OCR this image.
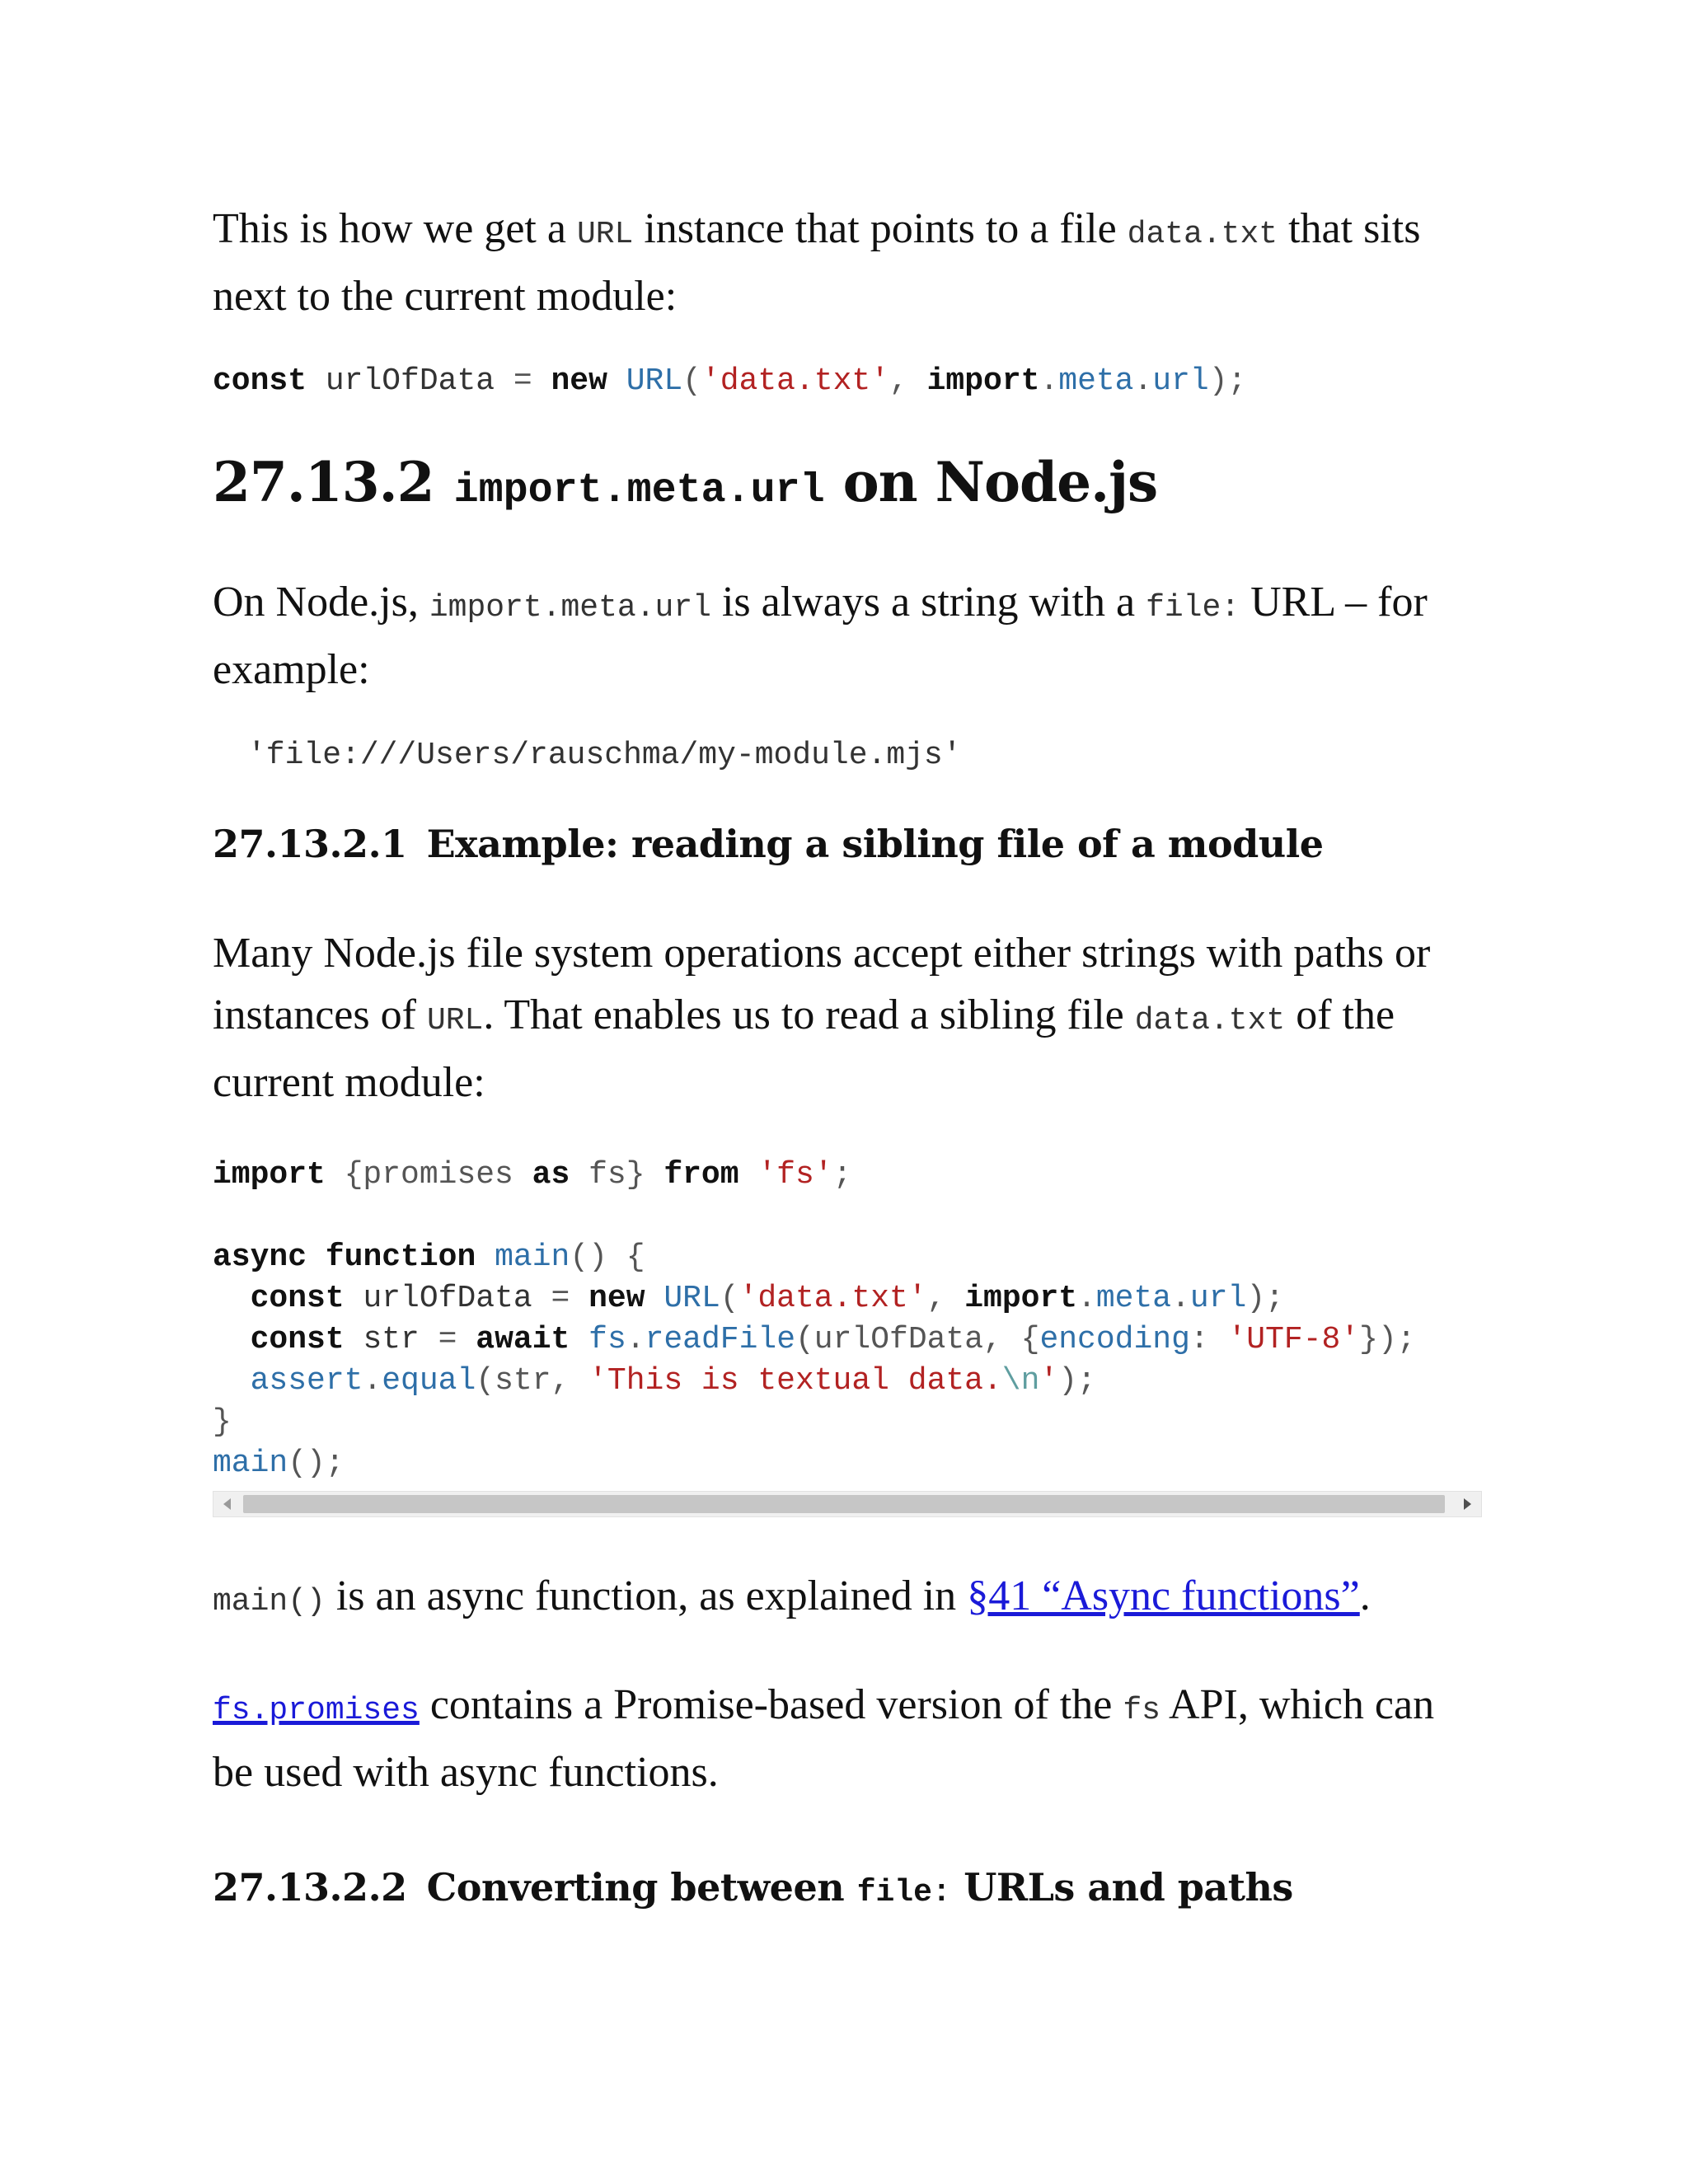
This is how we get a URL instance that points to a file data.txt that sits next to the current module:

const urlOfData = new URL('data.txt', import.meta.url);
27.13.2 import.meta.url on Node.js

On Node.js, import.meta.url is always a string with a file: URL – for example:

'file:///Users/rauschma/my-module.mjs'
27.13.2.1 Example: reading a sibling file of a module

Many Node.js file system operations accept either strings with paths or instances of URL. That enables us to read a sibling file data.txt of the current module:

import {promises as fs} from 'fs';

async function main() {
const urlOfData = new URL('data.txt', import.meta.url);
const str = await fs.readFile(urlOfData, {encoding: 'UTF-8'});
assert.equal(str, 'This is textual data.\n');
}
main();

main() is an async function, as explained in §41 “Async functions”.

fs.promises contains a Promise-based version of the fs API, which can be used with async functions.

27.13.2.2 Converting between file: URLs and paths
